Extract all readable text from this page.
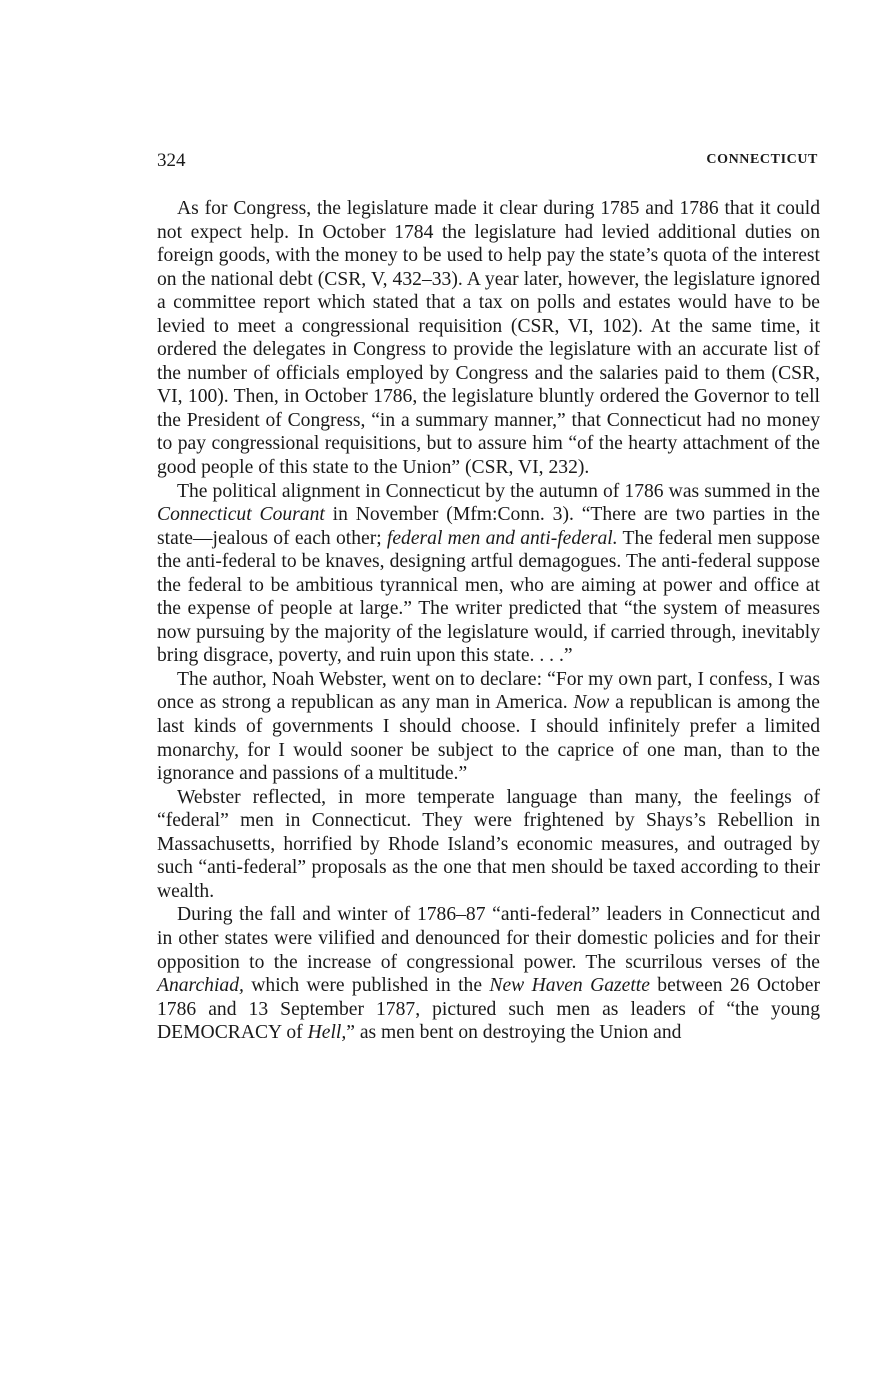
324	CONNECTICUT

As for Congress, the legislature made it clear during 1785 and 1786 that it could not expect help. In October 1784 the legislature had levied additional duties on foreign goods, with the money to be used to help pay the state’s quota of the interest on the national debt (CSR, V, 432–33). A year later, however, the legislature ignored a committee report which stated that a tax on polls and estates would have to be levied to meet a congressional requisition (CSR, VI, 102). At the same time, it ordered the delegates in Congress to provide the legislature with an accurate list of the number of officials employed by Congress and the salaries paid to them (CSR, VI, 100). Then, in October 1786, the legislature bluntly ordered the Governor to tell the President of Congress, “in a summary manner,” that Connecticut had no money to pay congressional requisitions, but to assure him “of the hearty attachment of the good people of this state to the Union” (CSR, VI, 232).

The political alignment in Connecticut by the autumn of 1786 was summed in the Connecticut Courant in November (Mfm:Conn. 3). “There are two parties in the state—jealous of each other; federal men and anti-federal. The federal men suppose the anti-federal to be knaves, designing artful demagogues. The anti-federal suppose the federal to be ambitious tyrannical men, who are aiming at power and office at the expense of people at large.” The writer predicted that “the system of measures now pursuing by the majority of the legislature would, if carried through, inevitably bring disgrace, poverty, and ruin upon this state. . . .”

The author, Noah Webster, went on to declare: “For my own part, I confess, I was once as strong a republican as any man in America. Now a republican is among the last kinds of governments I should choose. I should infinitely prefer a limited monarchy, for I would sooner be subject to the caprice of one man, than to the ignorance and passions of a multitude.”

Webster reflected, in more temperate language than many, the feelings of “federal” men in Connecticut. They were frightened by Shays’s Rebellion in Massachusetts, horrified by Rhode Island’s economic measures, and outraged by such “anti-federal” proposals as the one that men should be taxed according to their wealth.

During the fall and winter of 1786–87 “anti-federal” leaders in Connecticut and in other states were vilified and denounced for their domestic policies and for their opposition to the increase of congressional power. The scurrilous verses of the Anarchiad, which were published in the New Haven Gazette between 26 October 1786 and 13 September 1787, pictured such men as leaders of “the young DEMOCRACY of Hell,” as men bent on destroying the Union and
